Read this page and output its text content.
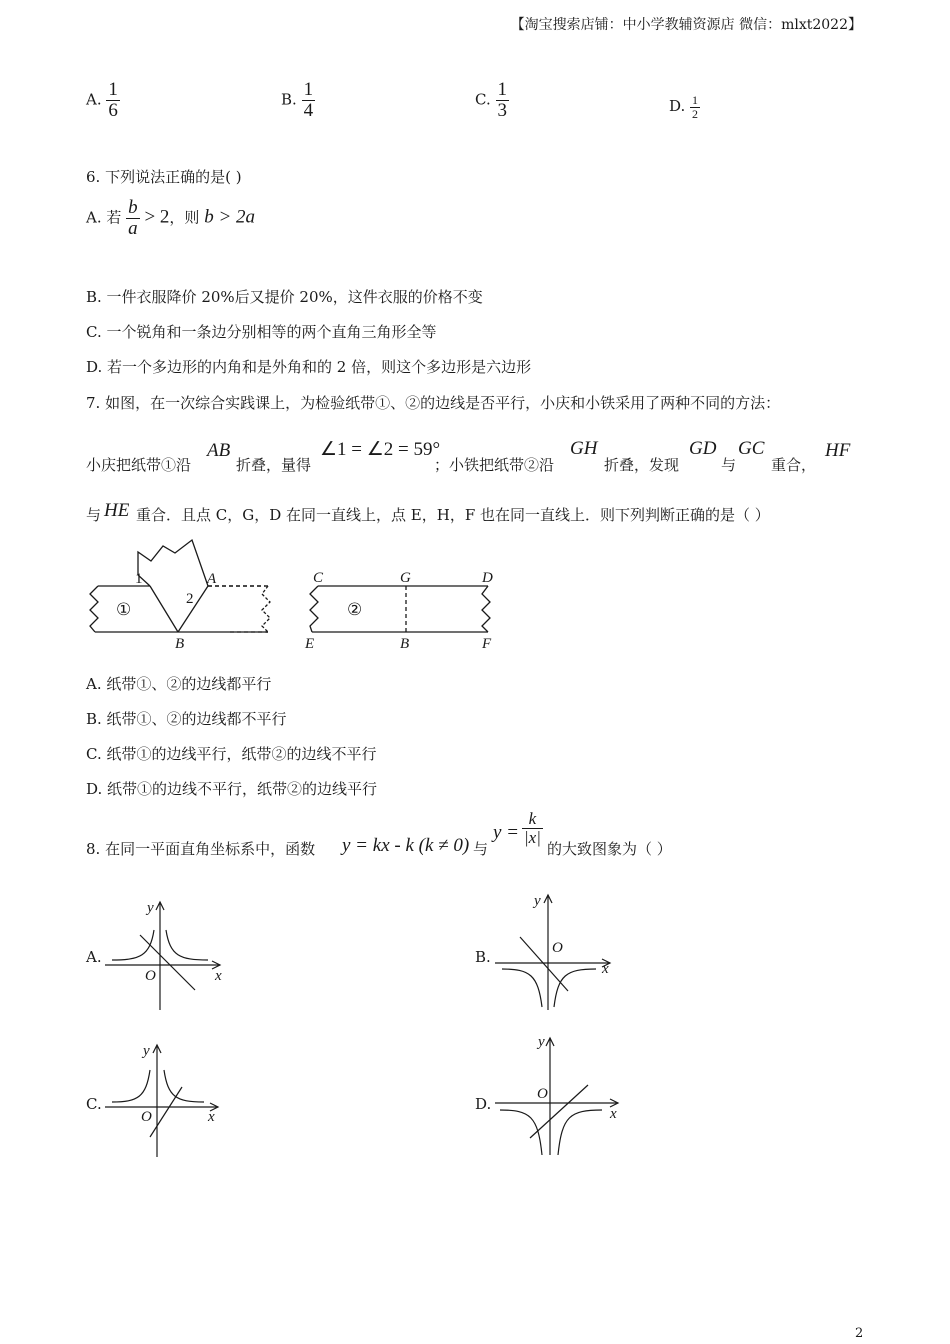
【淘宝搜索店铺：中小学教辅资源店 微信：mlxt2022】
A. $\frac{1}{6}$	B. $\frac{1}{4}$	C. $\frac{1}{3}$	D. $\frac{1}{2}$
6. 下列说法正确的是( )
A. 若 $\frac{b}{a} > 2$，则 b > 2a
B. 一件衣服降价 20%后又提价 20%，这件衣服的价格不变
C. 一个锐角和一条边分别相等的两个直角三角形全等
D. 若一个多边形的内角和是外角和的 2 倍，则这个多边形是六边形
7. 如图，在一次综合实践课上，为检验纸带①、②的边线是否平行，小庆和小铁采用了两种不同的方法：
小庆把纸带①沿
AB
折叠，量得
∠1 = ∠2 = 59°
；小铁把纸带②沿
GH
折叠，发现
GD
与
GC
重合，
HF
与 HE 重合．且点 C，G，D 在同一直线上，点 E，H，F 也在同一直线上．则下列判断正确的是（ ）
1
2
A
B
①
C	G	D
E	B	F
②
A. 纸带①、②的边线都平行
B. 纸带①、②的边线都不平行
C. 纸带①的边线平行，纸带②的边线不平行
D. 纸带①的边线不平行，纸带②的边线平行
8. 在同一平面直角坐标系中，函数 y = kx - k (k ≠ 0) 与
$y = \frac{k}{|x|}$
的大致图象为（ ）
A.
y
O	x
B.
y
O
x
C.
y
O	x
D.
y
O
x
2
